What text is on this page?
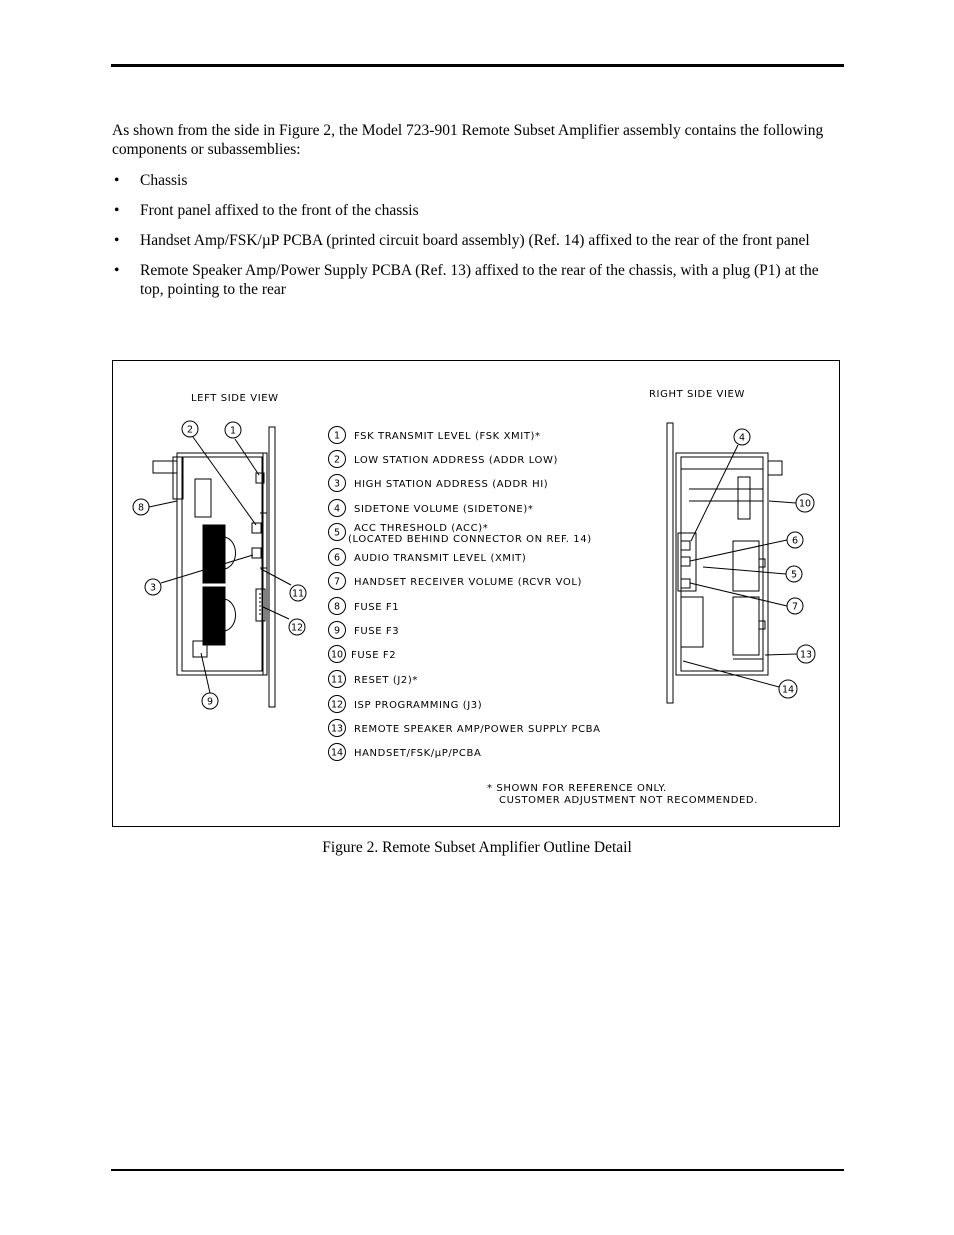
As shown from the side in Figure 2, the Model 723-901 Remote Subset Amplifier assembly contains the following components or subassemblies:

• Chassis
• Front panel affixed to the front of the chassis
• Handset Amp/FSK/µP PCBA (printed circuit board assembly) (Ref. 14) affixed to the rear of the front panel
• Remote Speaker Amp/Power Supply PCBA (Ref. 13) affixed to the rear of the chassis, with a plug (P1) at the top, pointing to the rear
LEFT SIDE VIEW	RIGHT SIDE VIEW
2	1
8
3
11
12
9
4
10
6
5
7
13
14
1 FSK TRANSMIT LEVEL (FSK XMIT)*
2 LOW STATION ADDRESS (ADDR LOW)
3 HIGH STATION ADDRESS (ADDR HI)
4 SIDETONE VOLUME (SIDETONE)*
5 ACC THRESHOLD (ACC)*
(LOCATED BEHIND CONNECTOR ON REF. 14)
6 AUDIO TRANSMIT LEVEL (XMIT)
7 HANDSET RECEIVER VOLUME (RCVR VOL)
8 FUSE F1
9 FUSE F3
10 FUSE F2
11 RESET (J2)*
12 ISP PROGRAMMING (J3)
13 REMOTE SPEAKER AMP/POWER SUPPLY PCBA
14 HANDSET/FSK/µP/PCBA
* SHOWN FOR REFERENCE ONLY.
CUSTOMER ADJUSTMENT NOT RECOMMENDED.
Figure 2. Remote Subset Amplifier Outline Detail
